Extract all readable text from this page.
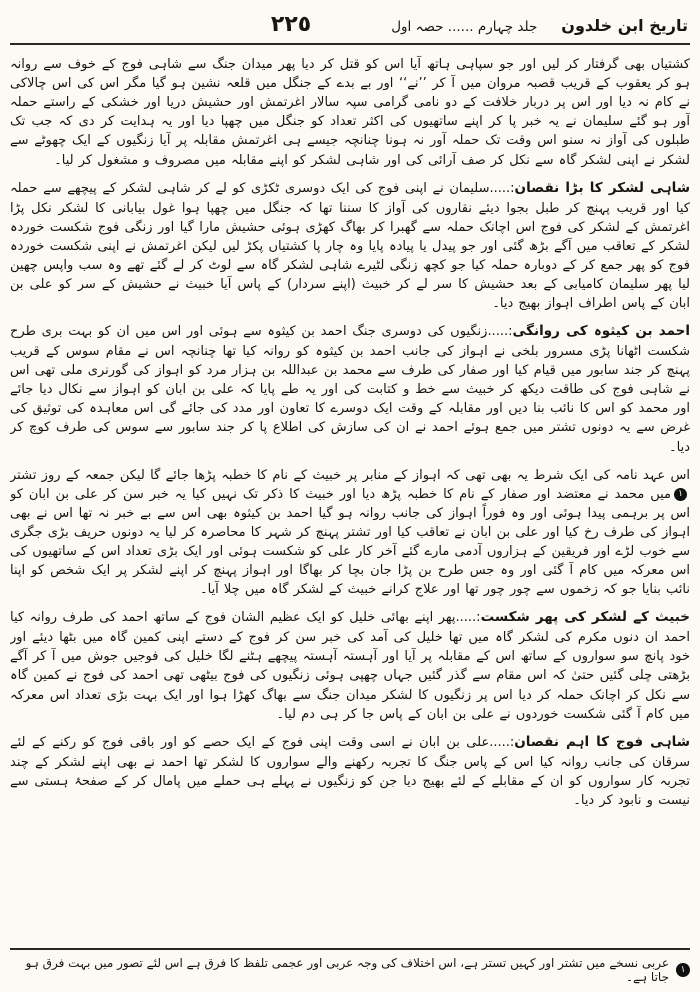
تاریخ ابن خلدون
جلد چہارم ...... حصہ اول
٢٢٥

کشتیاں بھی گرفتار کر لیں اور جو سپاہی ہاتھ آیا اس کو قتل کر دیا پھر میدان جنگ سے شاہی فوج کے خوف سے روانہ ہو کر یعقوب کے قریب قصبہ مروان میں آ کر ’’نے‘‘ اور بے بدے کے جنگل میں قلعہ نشین ہو گیا مگر اس کی اس چالاکی نے کام نہ دیا اور اس پر دربار خلافت کے دو نامی گرامی سپہ سالار اغرتمش اور حشیش دریا اور خشکی کے راستے حملہ آور ہو گئے سلیمان نے یہ خبر پا کر اپنے ساتھیوں کی اکثر تعداد کو جنگل میں چھپا دیا اور یہ ہدایت کر دی کہ جب تک طبلوں کی آواز نہ سنو اس وقت تک حملہ آور نہ ہونا چنانچہ جیسے ہی اغرتمش مقابلہ پر آیا زنگیوں کے ایک چھوٹے سے لشکر نے اپنی لشکر گاہ سے نکل کر صف آرائی کی اور شاہی لشکر کو اپنے مقابلہ میں مصروف و مشغول کر لیا۔

شاہی لشکر کا بڑا نقصان:.....سلیمان نے اپنی فوج کی ایک دوسری ٹکڑی کو لے کر شاہی لشکر کے پیچھے سے حملہ کیا اور قریب پہنچ کر طبل بجوا دیئے نقاروں کی آواز کا سننا تھا کہ جنگل میں چھپا ہوا غول بیابانی کا لشکر نکل پڑا اغرتمش کے لشکر کی فوج اس اچانک حملہ سے گھبرا کر بھاگ کھڑی ہوئی حشیش مارا گیا اور زنگی فوج شکست خوردہ لشکر کے تعاقب میں آگے بڑھ گئی اور جو پیدل یا پیادہ پایا وہ چار پا کشتیاں پکڑ لیں لیکن اغرتمش نے اپنی شکست خوردہ فوج کو پھر جمع کر کے دوبارہ حملہ کیا جو کچھ زنگی لٹیرے شاہی لشکر گاہ سے لوٹ کر لے گئے تھے وہ سب واپس چھین لیا پھر سلیمان کامیابی کے بعد حشیش کا سر لے کر خبیث (اپنے سردار) کے پاس آیا خبیث نے حشیش کے سر کو علی بن ابان کے پاس اطراف اہواز بھیج دیا۔

احمد بن کیثوہ کی روانگی:.....زنگیوں کی دوسری جنگ احمد بن کیثوہ سے ہوئی اور اس میں ان کو بہت بری طرح شکست اٹھانا پڑی مسرور بلخی نے اہواز کی جانب احمد بن کیثوہ کو روانہ کیا تھا چنانچہ اس نے مقام سوس کے قریب پہنچ کر جند سابور میں قیام کیا اور صفار کی طرف سے محمد بن عبداللہ بن ہزار مرد کو اہواز کی گورنری ملی تھی اس نے شاہی فوج کی طاقت دیکھ کر خبیث سے خط و کتابت کی اور یہ طے پایا کہ علی بن ابان کو اہواز سے نکال دیا جائے اور محمد کو اس کا نائب بنا دیں اور مقابلہ کے وقت ایک دوسرے کا تعاون اور مدد کی جائے گی اس معاہدہ کی توثیق کی غرض سے یہ دونوں تشتر میں جمع ہوئے احمد نے ان کی سازش کی اطلاع پا کر جند سابور سے سوس کی طرف کوچ کر دیا۔

اس عہد نامہ کی ایک شرط یہ بھی تھی کہ اہواز کے منابر پر خبیث کے نام کا خطبہ پڑھا جائے گا لیکن جمعہ کے روز تشتر۱میں محمد نے معتضد اور صفار کے نام کا خطبہ پڑھ دیا اور خبیث کا ذکر تک نہیں کیا یہ خبر سن کر علی بن ابان کو اس پر برہمی پیدا ہوئی اور وہ فوراً اہواز کی جانب روانہ ہو گیا احمد بن کیثوہ بھی اس سے بے خبر نہ تھا اس نے بھی اہواز کی طرف رخ کیا اور علی بن ابان نے تعاقب کیا اور تشتر پہنچ کر شہر کا محاصرہ کر لیا یہ دونوں حریف بڑی جگری سے خوب لڑے اور فریقین کے ہزاروں آدمی مارے گئے آخر کار علی کو شکست ہوئی اور ایک بڑی تعداد اس کے ساتھیوں کی اس معرکہ میں کام آ گئی اور وہ جس طرح بن پڑا جان بچا کر بھاگا اور اہواز پہنچ کر اپنے لشکر پر ایک شخص کو اپنا نائب بنایا جو کہ زخموں سے چور چور تھا اور علاج کرانے خبیث کے لشکر گاہ میں چلا آیا۔

خبیث کے لشکر کی پھر شکست:.....پھر اپنے بھائی خلیل کو ایک عظیم الشان فوج کے ساتھ احمد کی طرف روانہ کیا احمد ان دنوں مکرم کی لشکر گاہ میں تھا خلیل کی آمد کی خبر سن کر فوج کے دستے اپنی کمین گاہ میں بٹھا دیئے اور خود پانچ سو سواروں کے ساتھ اس کے مقابلہ پر آیا اور آہستہ آہستہ پیچھے ہٹنے لگا خلیل کی فوجیں جوش میں آ کر آگے بڑھتی چلی گئیں حتیٰ کہ اس مقام سے گذر گئیں جہاں چھپی ہوئی زنگیوں کی فوج بیٹھی تھی احمد کی فوج نے کمین گاہ سے نکل کر اچانک حملہ کر دیا اس پر زنگیوں کا لشکر میدان جنگ سے بھاگ کھڑا ہوا اور ایک بہت بڑی تعداد اس معرکہ میں کام آ گئی شکست خوردوں نے علی بن ابان کے پاس جا کر ہی دم لیا۔

شاہی فوج کا اہم نقصان:.....علی بن ابان نے اسی وقت اپنی فوج کے ایک حصے کو اور باقی فوج کو رکنے کے لئے سرقان کی جانب روانہ کیا اس کے پاس جنگ کا تجربہ رکھنے والے سواروں کا لشکر تھا احمد نے بھی اپنے لشکر کے چند تجربہ کار سواروں کو ان کے مقابلے کے لئے بھیج دیا جن کو زنگیوں نے پہلے ہی حملے میں پامال کر کے صفحۂ ہستی سے نیست و نابود کر دیا۔

۱
عربی نسخے میں تشتر اور کہیں تستر ہے، اس اختلاف کی وجہ عربی اور عجمی تلفظ کا فرق ہے اس لئے تصور میں بہت فرق ہو جاتا ہے۔
